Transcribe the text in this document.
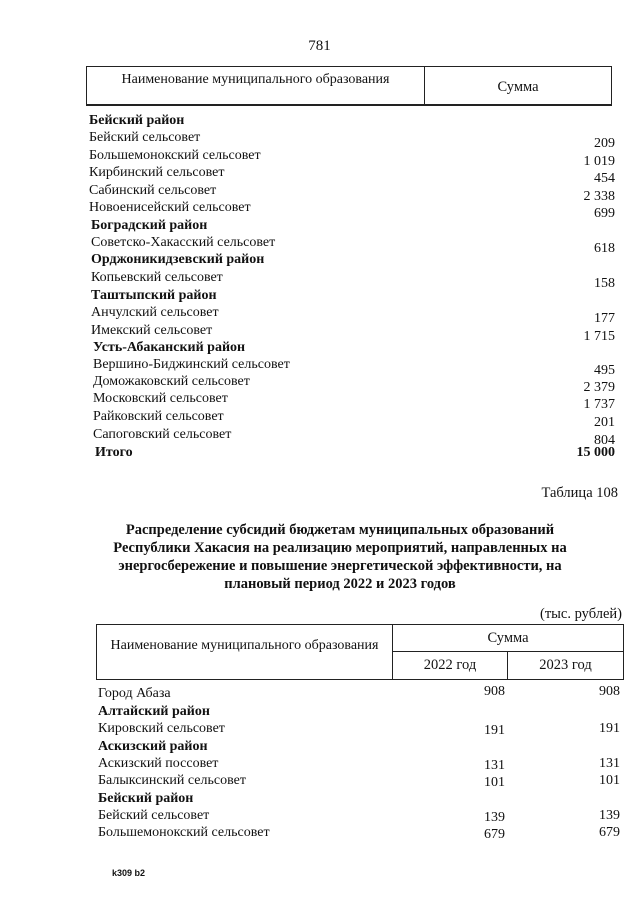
781
Наименование муниципального образования	Сумма
Бейский район
Бейский сельсовет	209
Большемонокский сельсовет	1 019
Кирбинский сельсовет	454
Сабинский сельсовет	2 338
Новоенисейский сельсовет	699
Боградский район
Советско-Хакасский сельсовет	618
Орджоникидзевский район
Копьевский сельсовет	158
Таштыпский район
Анчулский сельсовет	177
Имекский сельсовет	1 715
Усть-Абаканский район
Вершино-Биджинский сельсовет	495
Доможаковский сельсовет	2 379
Московский сельсовет	1 737
Райковский сельсовет	201
Сапоговский сельсовет	804
Итого	15 000
Таблица 108
Распределение субсидий бюджетам муниципальных образований Республики Хакасия на реализацию мероприятий, направленных на энергосбережение и повышение энергетической эффективности, на плановый период 2022 и 2023 годов
(тыс. рублей)
Наименование муниципального образования	Сумма
2022 год	2023 год
Город Абаза	908	908
Алтайский район
Кировский сельсовет	191	191
Аскизский район
Аскизский поссовет	131	131
Балыксинский сельсовет	101	101
Бейский район
Бейский сельсовет	139	139
Большемонокский сельсовет	679	679
k309 b2
